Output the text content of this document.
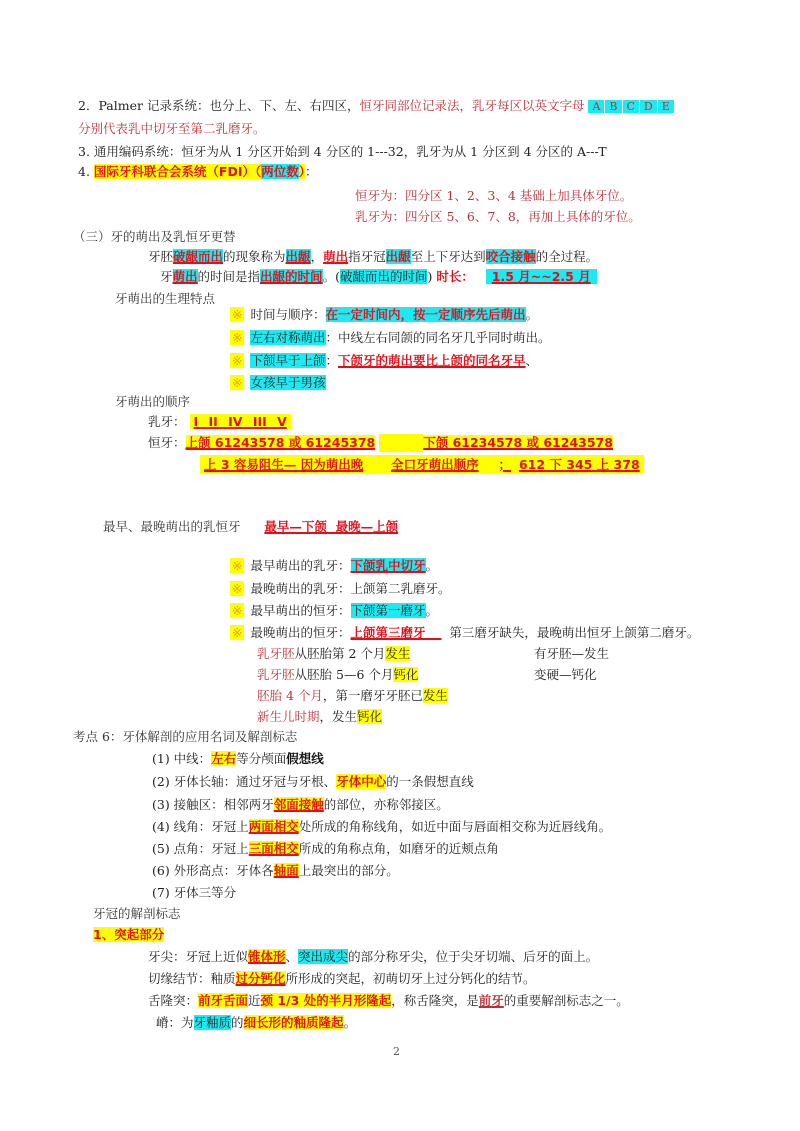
2．Palmer 记录系统：也分上、下、左、右四区，恒牙同部位记录法，乳牙每区以英文字母 A B C D E
分别代表乳中切牙至第二乳磨牙。
3. 通用编码系统：恒牙为从 1 分区开始到 4 分区的 1---32，乳牙为从 1 分区到 4 分区的 A---T
4. 国际牙科联合会系统（FDI）（两位数）：
恒牙为：四分区 1、2、3、4 基础上加具体牙位。
乳牙为：四分区 5、6、7、8，再加上具体的牙位。
（三）牙的萌出及乳恒牙更替
牙胚破龈而出的现象称为出龈，萌出指牙冠出龈至上下牙达到咬合接触的全过程。
牙萌出的时间是指出龈的时间。(破龈而出的时间) 时长： 1.5 月~~2.5 月
牙萌出的生理特点
※ 时间与顺序：在一定时间内，按一定顺序先后萌出。
※ 左右对称萌出：中线左右同颌的同名牙几乎同时萌出。
※ 下颌早于上颌：下颌牙的萌出要比上颌的同名牙早、
※ 女孩早于男孩
牙萌出的顺序
乳牙： I II IV III V
恒牙：上颌 61243578 或 61245378	下颌 61234578 或 61243578
上 3 容易阻生— 因为萌出晚 全口牙萌出顺序 ； 612 下 345 上 378
最早、最晚萌出的乳恒牙 最早—下颌  最晚—上颌
※ 最早萌出的乳牙：下颌乳中切牙。
※ 最晚萌出的乳牙：上颌第二乳磨牙。
※ 最早萌出的恒牙：下颌第一磨牙。
※ 最晚萌出的恒牙：上颌第三磨牙 第三磨牙缺失，最晚萌出恒牙上颌第二磨牙。
乳牙胚从胚胎第 2 个月发生	有牙胚—发生
乳牙胚从胚胎 5—6 个月钙化	变硬—钙化
胚胎 4 个月，第一磨牙牙胚已发生
新生儿时期，发生钙化
考点 6：牙体解剖的应用名词及解剖标志
(1) 中线：左右等分颅面假想线
(2) 牙体长轴：通过牙冠与牙根、牙体中心的一条假想直线
(3) 接触区：相邻两牙邻面接触的部位，亦称邻接区。
(4) 线角：牙冠上两面相交处所成的角称线角，如近中面与唇面相交称为近唇线角。
(5) 点角：牙冠上三面相交所成的角称点角，如磨牙的近颊点角
(6) 外形高点：牙体各轴面上最突出的部分。
(7) 牙体三等分
牙冠的解剖标志
1、突起部分
牙尖：牙冠上近似锥体形、突出成尖的部分称牙尖，位于尖牙切端、后牙的面上。
切缘结节：釉质过分钙化所形成的突起，初萌切牙上过分钙化的结节。
舌隆突：前牙舌面近颈 1/3 处的半月形隆起，称舌隆突，是前牙的重要解剖标志之一。
嵴：为牙釉质的细长形的釉质隆起。
2
